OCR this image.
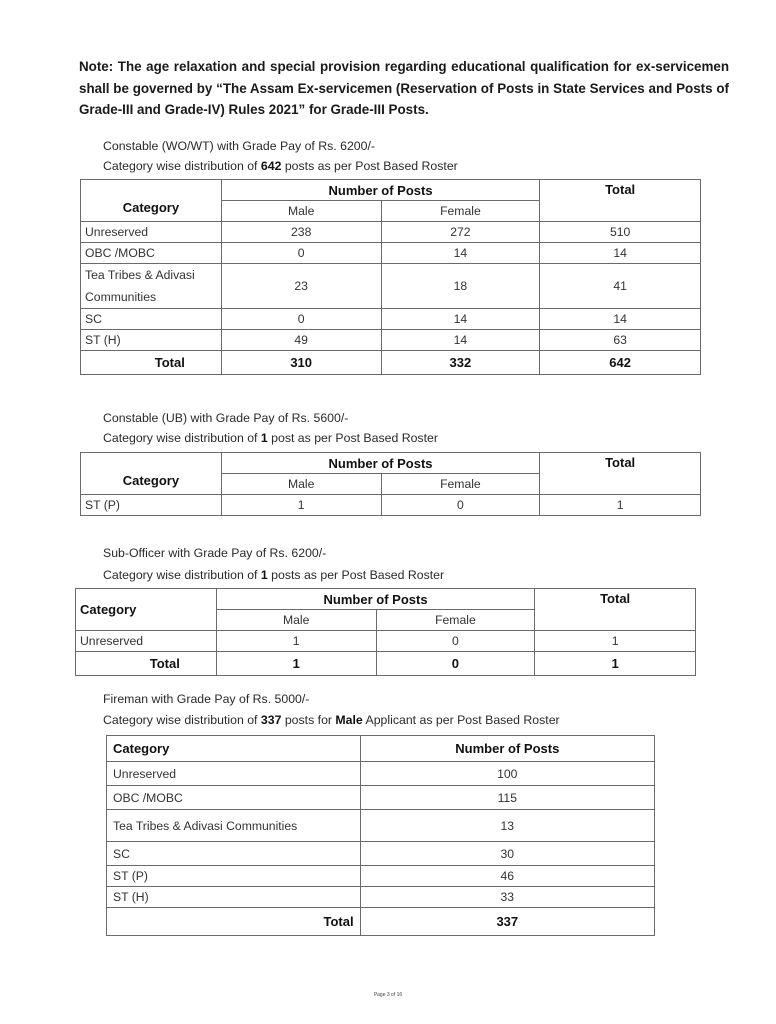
Note: The age relaxation and special provision regarding educational qualification for ex-servicemen shall be governed by “The Assam Ex-servicemen (Reservation of Posts in State Services and Posts of Grade-III and Grade-IV) Rules 2021” for Grade-III Posts.
Constable (WO/WT) with Grade Pay of Rs. 6200/-
Category wise distribution of 642 posts as per Post Based Roster
Category	Number of Posts		Total
	Male	Female	
Unreserved	238	272	510
OBC /MOBC	0	14	14
Tea Tribes & Adivasi Communities	23	18	41
SC	0	14	14
ST (H)	49	14	63
Total	310	332	642
Constable (UB) with Grade Pay of Rs. 5600/-
Category wise distribution of 1 post as per Post Based Roster
Category	Number of Posts		Total
	Male	Female	
ST (P)	1	0	1
Sub-Officer with Grade Pay of Rs. 6200/-
Category wise distribution of 1 posts as per Post Based Roster
Category	Number of Posts		Total
	Male	Female	
Unreserved	1	0	1
Total	1	0	1
Fireman with Grade Pay of Rs. 5000/-
Category wise distribution of 337 posts for Male Applicant as per Post Based Roster
Category	Number of Posts
Unreserved	100
OBC /MOBC	115
Tea Tribes & Adivasi Communities	13
SC	30
ST (P)	46
ST (H)	33
Total	337
Page 3 of 16
